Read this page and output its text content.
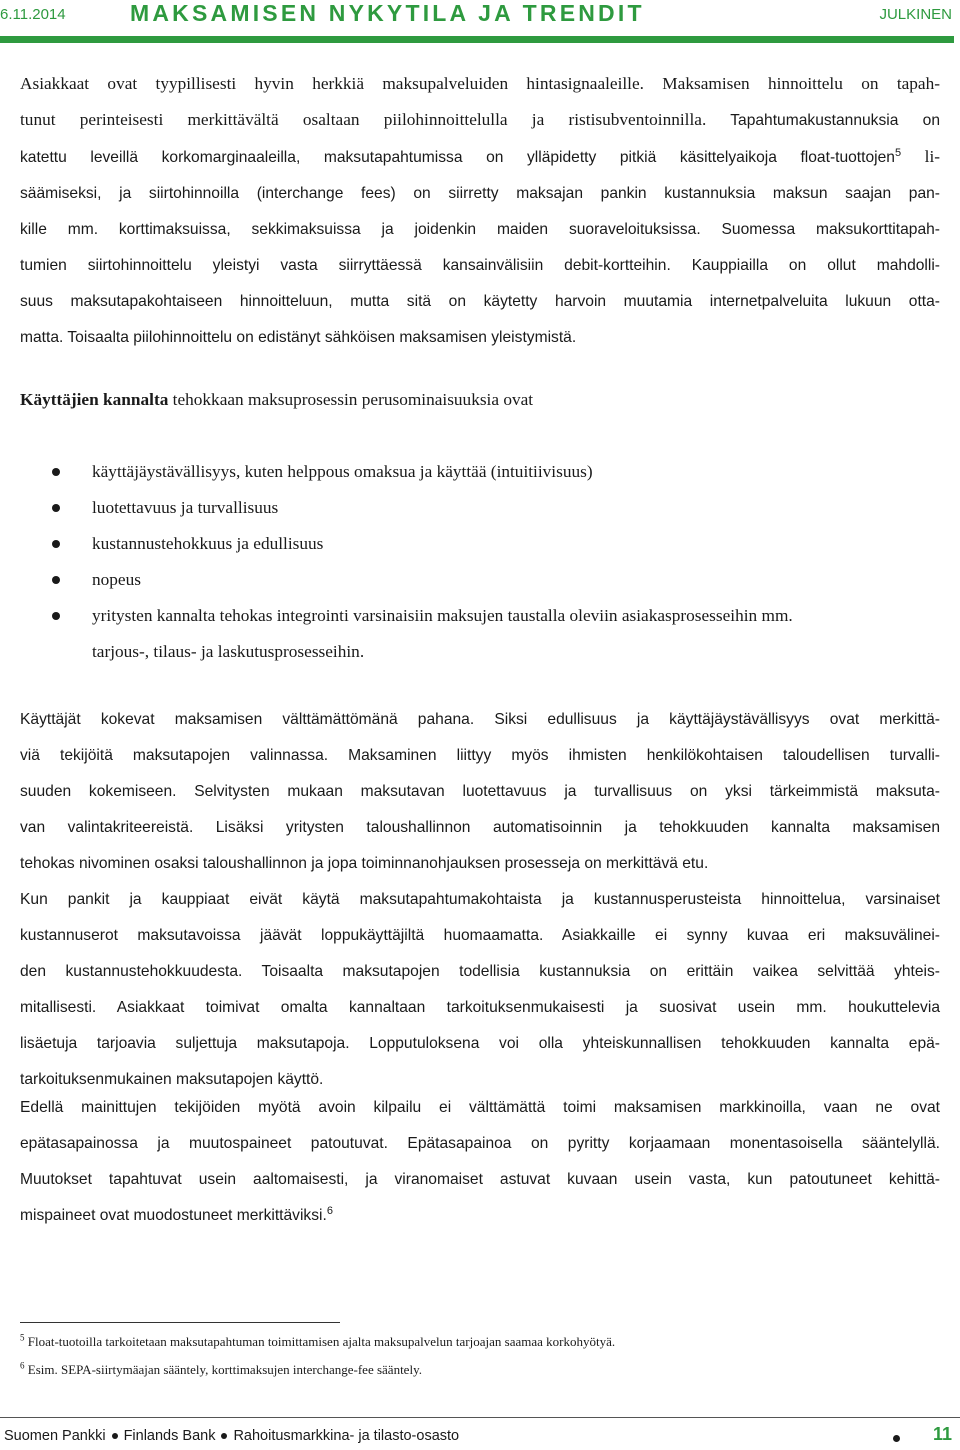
6.11.2014	MAKSAMISEN NYKYTILA JA TRENDIT	JULKINEN
Asiakkaat ovat tyypillisesti hyvin herkkiä maksupalveluiden hintasignaaleille. Maksamisen hinnoittelu on tapah-
tunut perinteisesti merkittävältä osaltaan piilohinnoittelulla ja ristisubventoinnilla. Tapahtumakustannuksia on
katettu leveillä korkomarginaaleilla, maksutapahtumissa on ylläpidetty pitkiä käsittelyaikoja float-tuottojen$^5$ li-
säämiseksi, ja siirtohinnoilla (interchange fees) on siirretty maksajan pankin kustannuksia maksun saajan pan-
kille mm. korttimaksuissa, sekkimaksuissa ja joidenkin maiden suoraveloituksissa. Suomessa maksukorttitapah-
tumien siirtohinnoittelu yleistyi vasta siirryttäessä kansainvälisiin debit-kortteihin. Kauppiailla on ollut mahdolli-
suus maksutapakohtaiseen hinnoitteluun, mutta sitä on käytetty harvoin muutamia internetpalveluita lukuun otta-
matta. Toisaalta piilohinnoittelu on edistänyt sähköisen maksamisen yleistymistä.
Käyttäjien kannalta tehokkaan maksuprosessin perusominaisuuksia ovat
käyttäjäystävällisyys, kuten helppous omaksua ja käyttää (intuitiivisuus)
luotettavuus ja turvallisuus
kustannustehokkuus ja edullisuus
nopeus
yritysten kannalta tehokas integrointi varsinaisiin maksujen taustalla oleviin asiakasprosesseihin mm.
tarjous-, tilaus- ja laskutusprosesseihin.
Käyttäjät kokevat maksamisen välttämättömänä pahana. Siksi edullisuus ja käyttäjäystävällisyys ovat merkittä-
viä tekijöitä maksutapojen valinnassa. Maksaminen liittyy myös ihmisten henkilökohtaisen taloudellisen turvalli-
suuden kokemiseen. Selvitysten mukaan maksutavan luotettavuus ja turvallisuus on yksi tärkeimmistä maksuta-
van valintakriteereistä. Lisäksi yritysten taloushallinnon automatisoinnin ja tehokkuuden kannalta maksamisen
tehokas nivominen osaksi taloushallinnon ja jopa toiminnanohjauksen prosesseja on merkittävä etu.
Kun pankit ja kauppiaat eivät käytä maksutapahtumakohtaista ja kustannusperusteista hinnoittelua, varsinaiset
kustannuserot maksutavoissa jäävät loppukäyttäjiltä huomaamatta. Asiakkaille ei synny kuvaa eri maksuvälinei-
den kustannustehokkuudesta. Toisaalta maksutapojen todellisia kustannuksia on erittäin vaikea selvittää yhteis-
mitallisesti. Asiakkaat toimivat omalta kannaltaan tarkoituksenmukaisesti ja suosivat usein mm. houkuttelevia
lisäetuja tarjoavia suljettuja maksutapoja. Lopputuloksena voi olla yhteiskunnallisen tehokkuuden kannalta epä-
tarkoituksenmukainen maksutapojen käyttö.
Edellä mainittujen tekijöiden myötä avoin kilpailu ei välttämättä toimi maksamisen markkinoilla, vaan ne ovat
epätasapainossa ja muutospaineet patoutuvat. Epätasapainoa on pyritty korjaamaan monentasoisella sääntelyllä.
Muutokset tapahtuvat usein aaltomaisesti, ja viranomaiset astuvat kuvaan usein vasta, kun patoutuneet kehittä-
mispaineet ovat muodostuneet merkittäviksi.$^6$
$^5$ Float-tuotoilla tarkoitetaan maksutapahtuman toimittamisen ajalta maksupalvelun tarjoajan saamaa korkohyötyä.
$^6$ Esim. SEPA-siirtymäajan sääntely, korttimaksujen interchange-fee sääntely.
Suomen Pankki Finlands Bank Rahoitusmarkkina- ja tilasto-osasto	11
